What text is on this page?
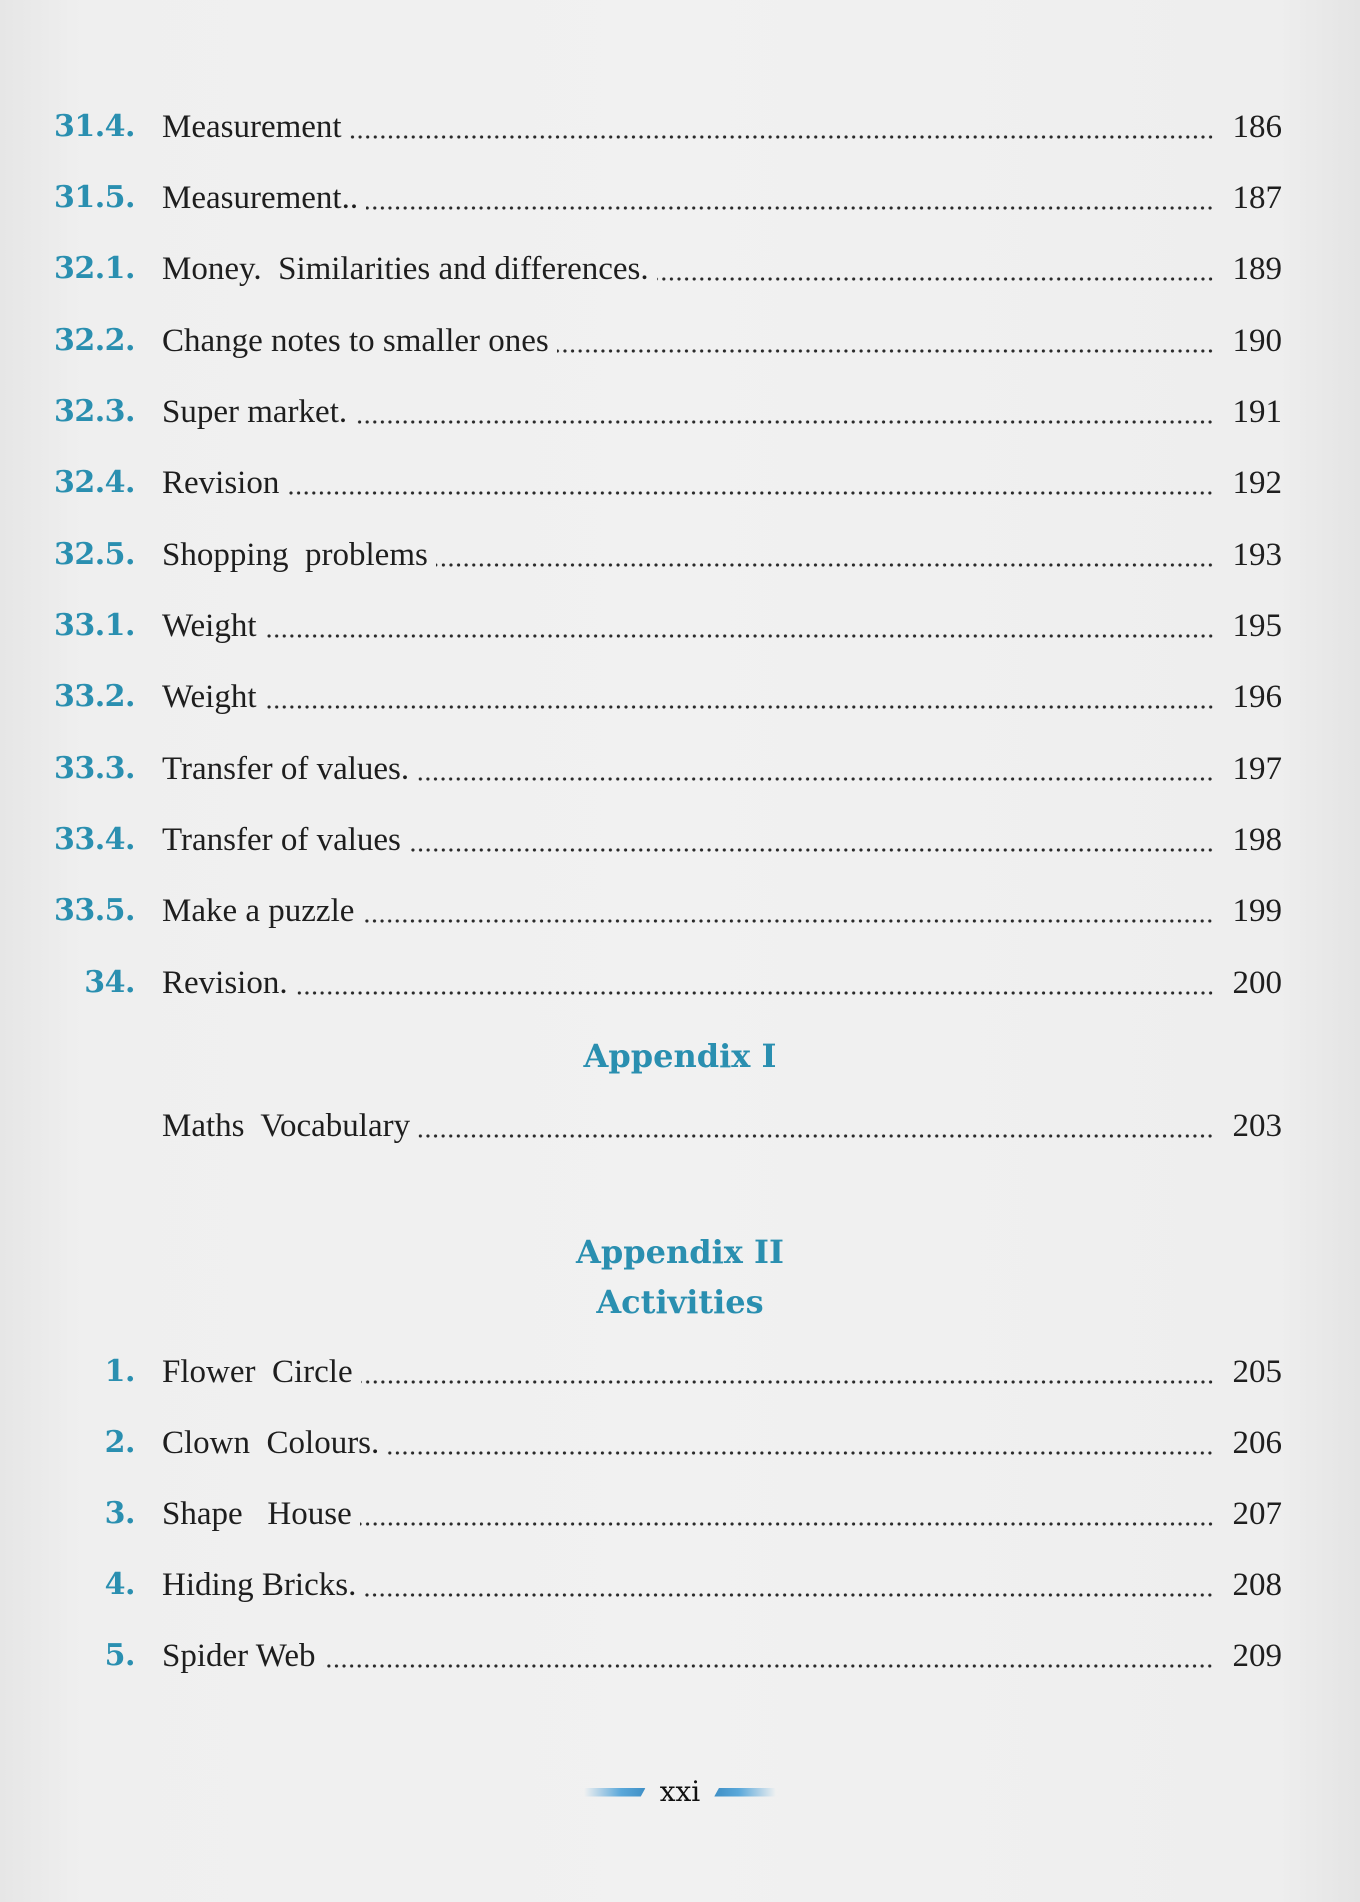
31.4. Measurement	186
31.5. Measurement..	187
32.1. Money.  Similarities and differences.	189
32.2. Change notes to smaller ones	190
32.3. Super market.	191
32.4. Revision	192
32.5. Shopping  problems	193
33.1. Weight	195
33.2. Weight	196
33.3. Transfer of values.	197
33.4. Transfer of values	198
33.5. Make a puzzle	199
34. Revision.	200
Appendix I
Maths  Vocabulary	203
Appendix II
Activities
1. Flower  Circle	205
2. Clown  Colours.	206
3. Shape   House	207
4. Hiding Bricks.	208
5. Spider Web	209
xxi
